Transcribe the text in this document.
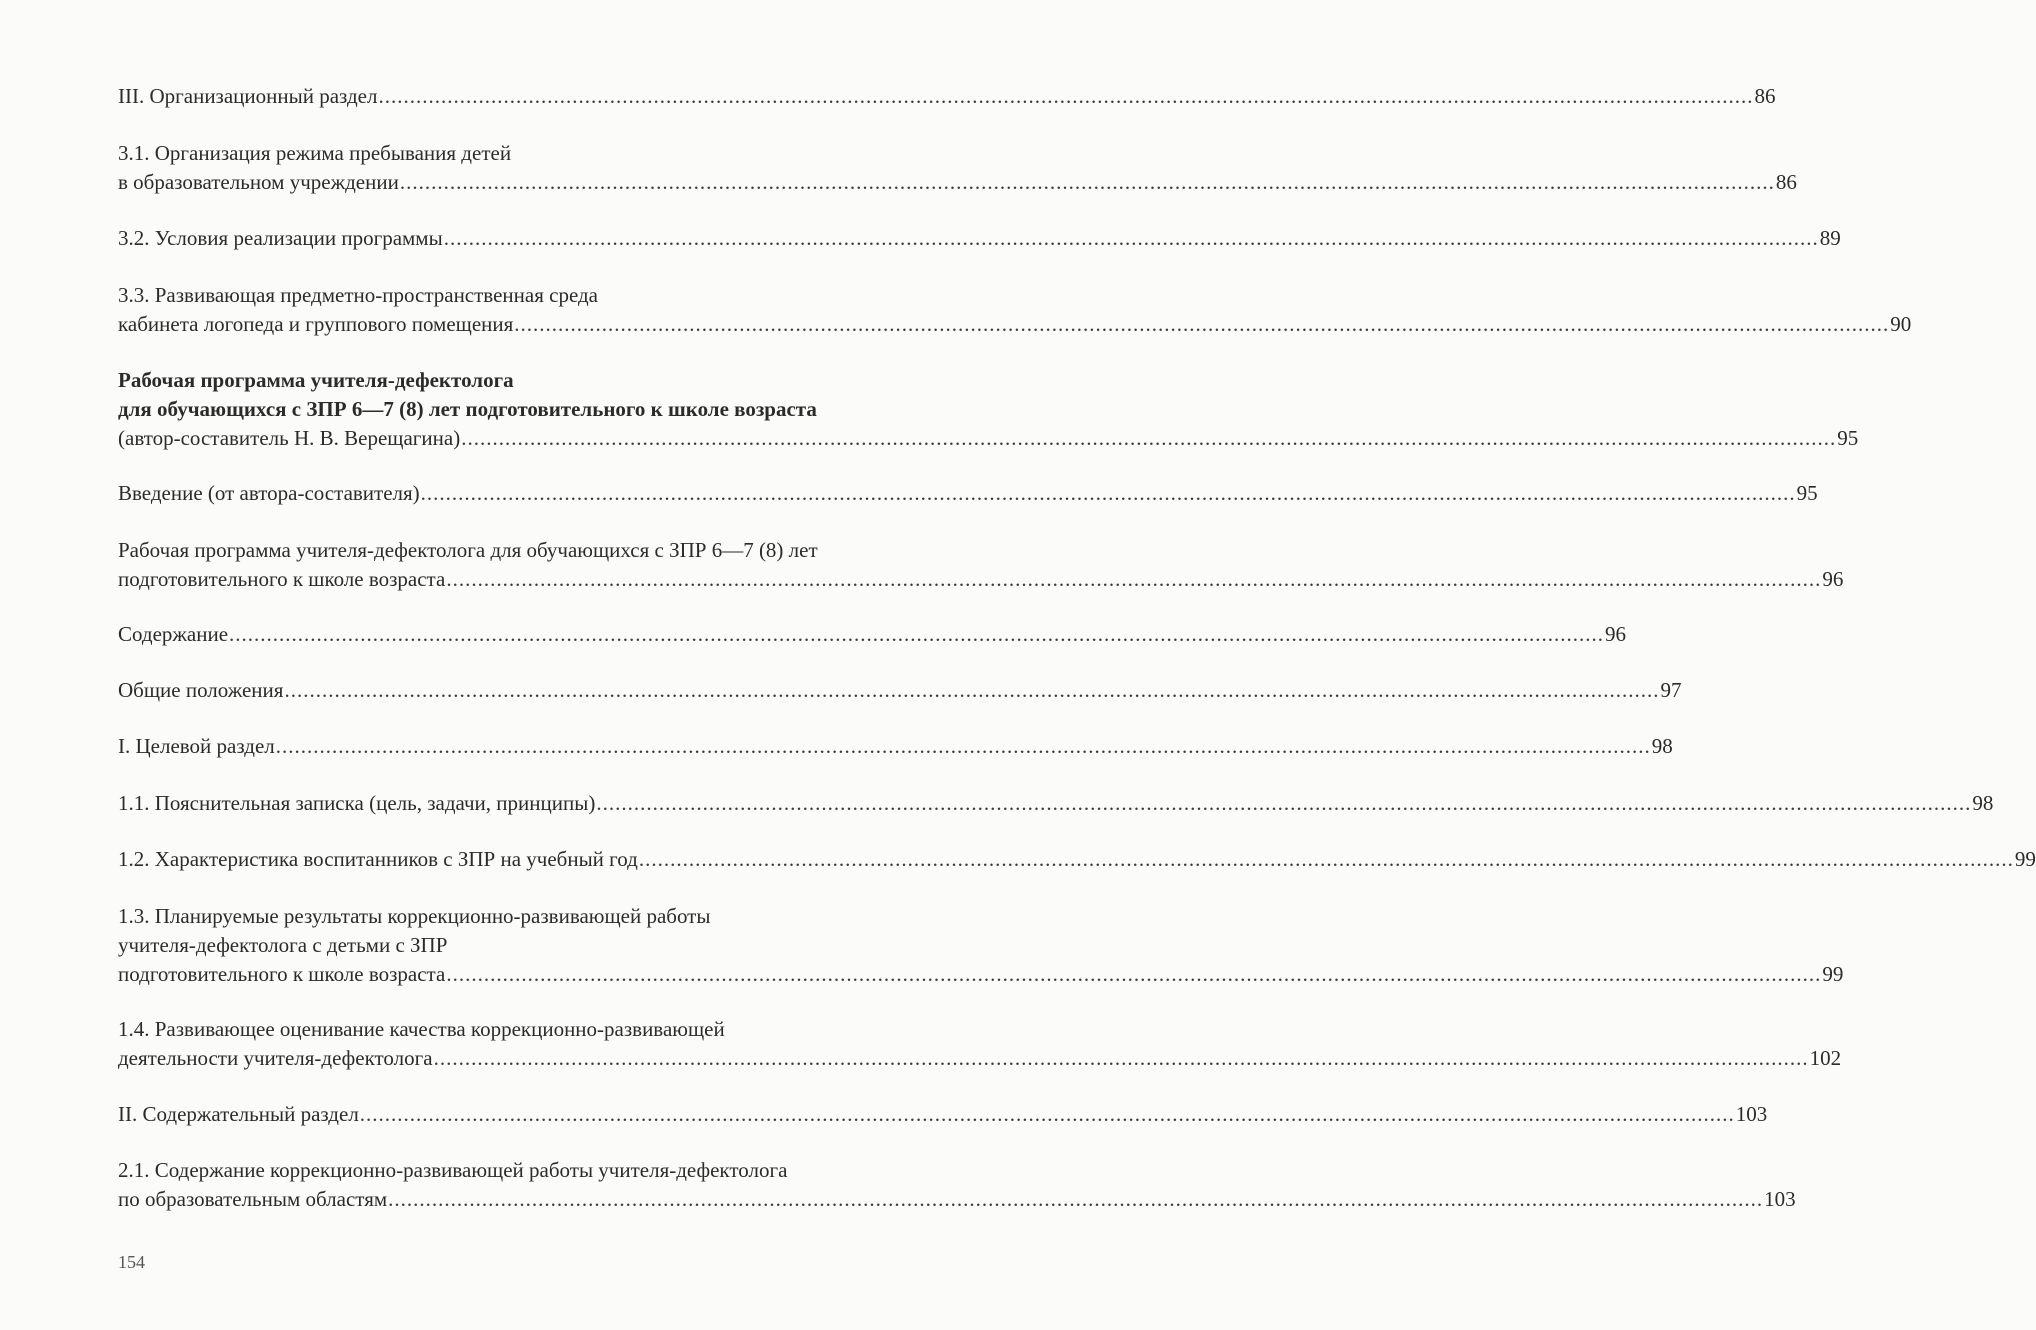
III. Организационный раздел ............................................................................................................................................................................................................................ 86
3.1. Организация режима пребывания детей
в образовательном учреждении ............................................................................................................................................................................................................................ 86
3.2. Условия реализации программы ............................................................................................................................................................................................................................ 89
3.3. Развивающая предметно-пространственная среда
кабинета логопеда и группового помещения ............................................................................................................................................................................................................................ 90
Рабочая программа учителя-дефектолога
для обучающихся с ЗПР 6—7 (8) лет подготовительного к школе возраста
(автор-составитель Н. В. Верещагина) ............................................................................................................................................................................................................................ 95
Введение (от автора-составителя) ............................................................................................................................................................................................................................ 95
Рабочая программа учителя-дефектолога для обучающихся с ЗПР 6—7 (8) лет
подготовительного к школе возраста ............................................................................................................................................................................................................................ 96
Содержание ............................................................................................................................................................................................................................ 96
Общие положения ............................................................................................................................................................................................................................ 97
I. Целевой раздел ............................................................................................................................................................................................................................ 98
1.1. Пояснительная записка (цель, задачи, принципы) ............................................................................................................................................................................................................................ 98
1.2. Характеристика воспитанников с ЗПР на учебный год ............................................................................................................................................................................................................................ 99
1.3. Планируемые результаты коррекционно-развивающей работы
учителя-дефектолога с детьми с ЗПР
подготовительного к школе возраста ............................................................................................................................................................................................................................ 99
1.4. Развивающее оценивание качества коррекционно-развивающей
деятельности учителя-дефектолога ............................................................................................................................................................................................................................ 102
II. Содержательный раздел ............................................................................................................................................................................................................................ 103
2.1. Содержание коррекционно-развивающей работы учителя-дефектолога
по образовательным областям ............................................................................................................................................................................................................................ 103
154
